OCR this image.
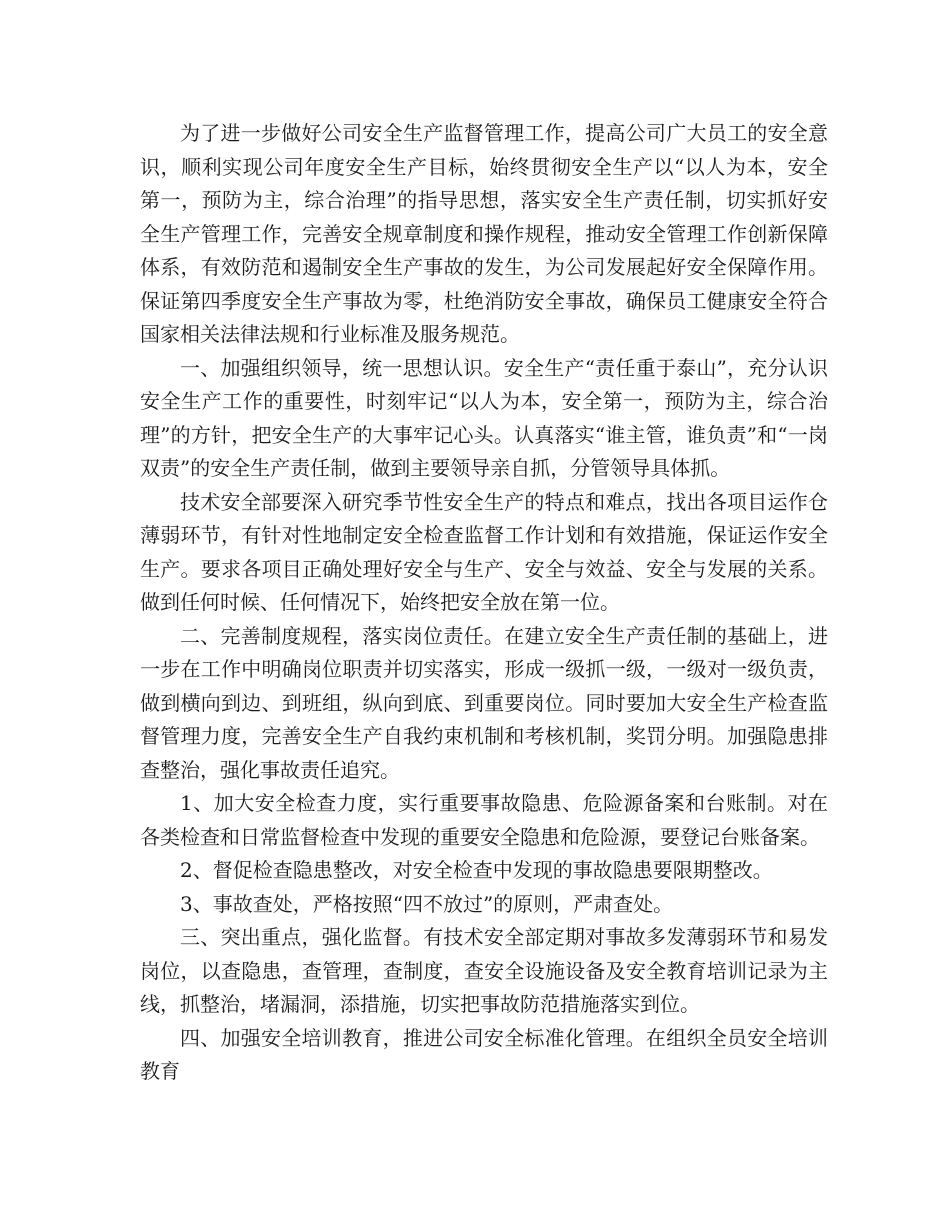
为了进一步做好公司安全生产监督管理工作，提高公司广大员工的安全意识，顺利实现公司年度安全生产目标，始终贯彻安全生产以“以人为本，安全第一，预防为主，综合治理”的指导思想，落实安全生产责任制，切实抓好安全生产管理工作，完善安全规章制度和操作规程，推动安全管理工作创新保障体系，有效防范和遏制安全生产事故的发生，为公司发展起好安全保障作用。保证第四季度安全生产事故为零，杜绝消防安全事故，确保员工健康安全符合国家相关法律法规和行业标准及服务规范。

一、加强组织领导，统一思想认识。安全生产“责任重于泰山”，充分认识安全生产工作的重要性，时刻牢记“以人为本，安全第一，预防为主，综合治理”的方针，把安全生产的大事牢记心头。认真落实“谁主管，谁负责”和“一岗双责”的安全生产责任制，做到主要领导亲自抓，分管领导具体抓。

技术安全部要深入研究季节性安全生产的特点和难点，找出各项目运作仓薄弱环节，有针对性地制定安全检查监督工作计划和有效措施，保证运作安全生产。要求各项目正确处理好安全与生产、安全与效益、安全与发展的关系。做到任何时候、任何情况下，始终把安全放在第一位。

二、完善制度规程，落实岗位责任。在建立安全生产责任制的基础上，进一步在工作中明确岗位职责并切实落实，形成一级抓一级，一级对一级负责，做到横向到边、到班组，纵向到底、到重要岗位。同时要加大安全生产检查监督管理力度，完善安全生产自我约束机制和考核机制，奖罚分明。加强隐患排查整治，强化事故责任追究。

1、加大安全检查力度，实行重要事故隐患、危险源备案和台账制。对在各类检查和日常监督检查中发现的重要安全隐患和危险源，要登记台账备案。

2、督促检查隐患整改，对安全检查中发现的事故隐患要限期整改。

3、事故查处，严格按照“四不放过”的原则，严肃查处。

三、突出重点，强化监督。有技术安全部定期对事故多发薄弱环节和易发岗位，以查隐患，查管理，查制度，查安全设施设备及安全教育培训记录为主线，抓整治，堵漏洞，添措施，切实把事故防范措施落实到位。

四、加强安全培训教育，推进公司安全标准化管理。在组织全员安全培训教育
